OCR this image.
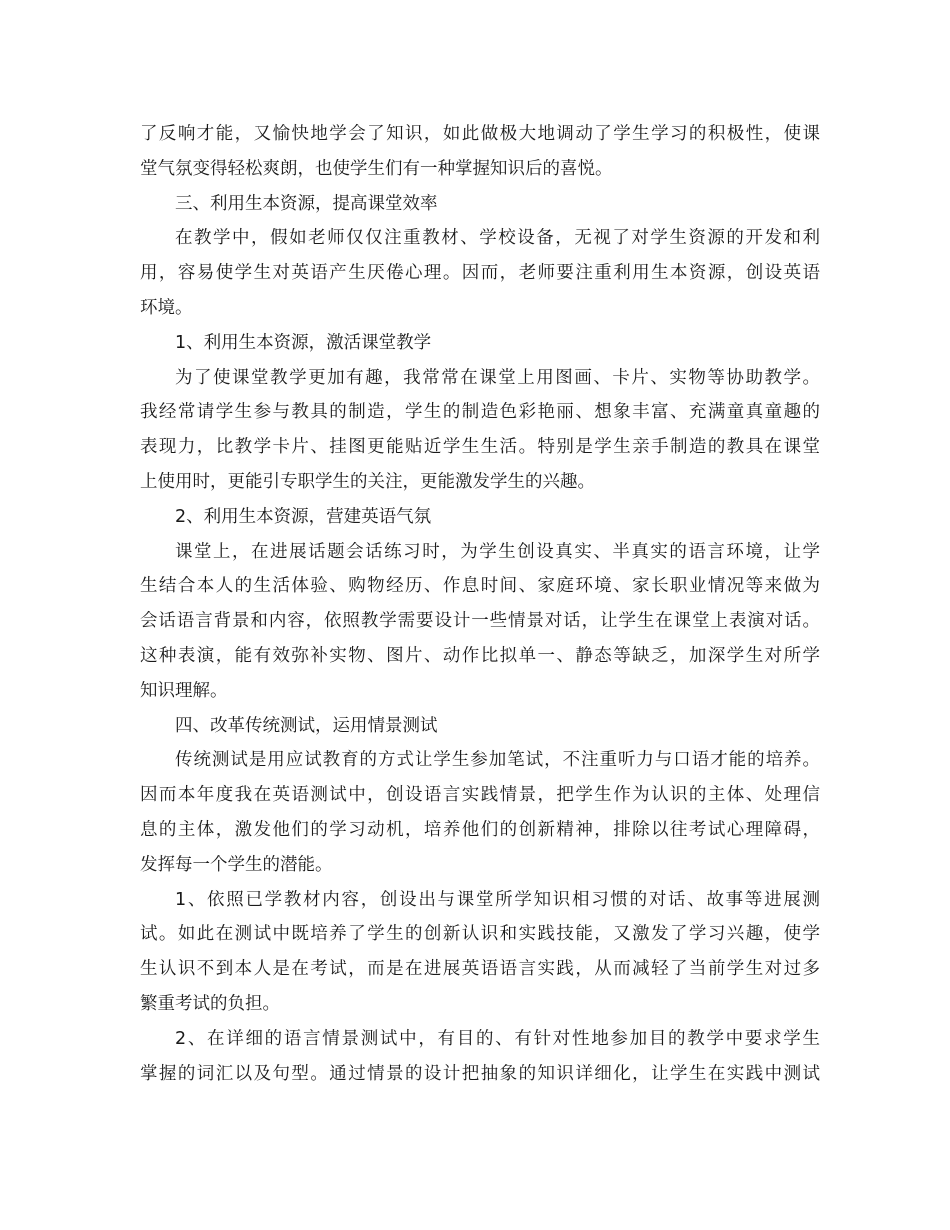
了反响才能，又愉快地学会了知识，如此做极大地调动了学生学习的积极性，使课
堂气氛变得轻松爽朗，也使学生们有一种掌握知识后的喜悦。
三、利用生本资源，提高课堂效率
在教学中，假如老师仅仅注重教材、学校设备，无视了对学生资源的开发和利
用，容易使学生对英语产生厌倦心理。因而，老师要注重利用生本资源，创设英语
环境。
1、利用生本资源，激活课堂教学
为了使课堂教学更加有趣，我常常在课堂上用图画、卡片、实物等协助教学。
我经常请学生参与教具的制造，学生的制造色彩艳丽、想象丰富、充满童真童趣的
表现力，比教学卡片、挂图更能贴近学生生活。特别是学生亲手制造的教具在课堂
上使用时，更能引专职学生的关注，更能激发学生的兴趣。
2、利用生本资源，营建英语气氛
课堂上，在进展话题会话练习时，为学生创设真实、半真实的语言环境，让学
生结合本人的生活体验、购物经历、作息时间、家庭环境、家长职业情况等来做为
会话语言背景和内容，依照教学需要设计一些情景对话，让学生在课堂上表演对话。
这种表演，能有效弥补实物、图片、动作比拟单一、静态等缺乏，加深学生对所学
知识理解。
四、改革传统测试，运用情景测试
传统测试是用应试教育的方式让学生参加笔试，不注重听力与口语才能的培养。
因而本年度我在英语测试中，创设语言实践情景，把学生作为认识的主体、处理信
息的主体，激发他们的学习动机，培养他们的创新精神，排除以往考试心理障碍，
发挥每一个学生的潜能。
1、依照已学教材内容，创设出与课堂所学知识相习惯的对话、故事等进展测
试。如此在测试中既培养了学生的创新认识和实践技能，又激发了学习兴趣，使学
生认识不到本人是在考试，而是在进展英语语言实践，从而减轻了当前学生对过多
繁重考试的负担。
2、在详细的语言情景测试中，有目的、有针对性地参加目的教学中要求学生
掌握的词汇以及句型。通过情景的设计把抽象的知识详细化，让学生在实践中测试
